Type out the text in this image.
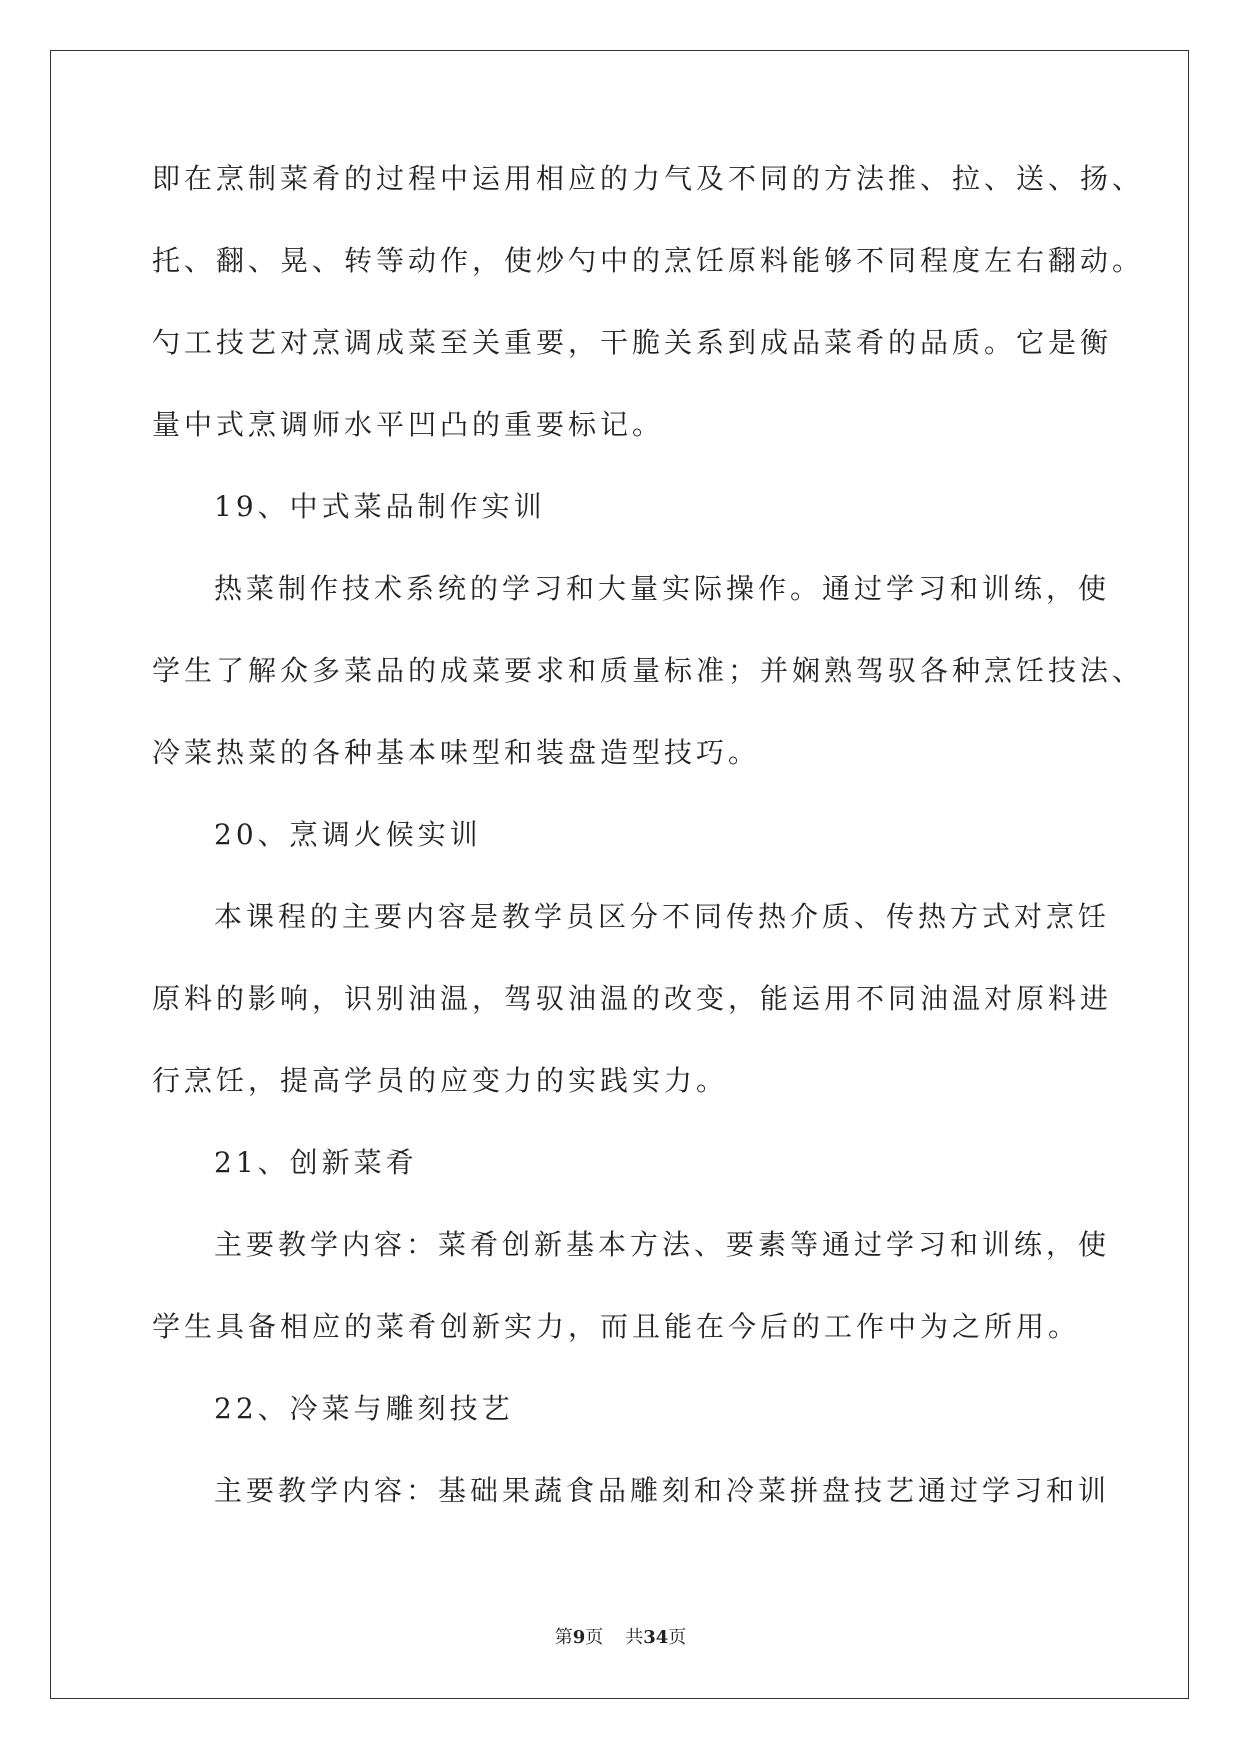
即在烹制菜肴的过程中运用相应的力气及不同的方法推、拉、送、扬、
托、翻、晃、转等动作，使炒勺中的烹饪原料能够不同程度左右翻动。
勺工技艺对烹调成菜至关重要，干脆关系到成品菜肴的品质。它是衡
量中式烹调师水平凹凸的重要标记。
19、中式菜品制作实训
热菜制作技术系统的学习和大量实际操作。通过学习和训练，使
学生了解众多菜品的成菜要求和质量标准；并娴熟驾驭各种烹饪技法、
冷菜热菜的各种基本味型和装盘造型技巧。
20、烹调火候实训
本课程的主要内容是教学员区分不同传热介质、传热方式对烹饪
原料的影响，识别油温，驾驭油温的改变，能运用不同油温对原料进
行烹饪，提高学员的应变力的实践实力。
21、创新菜肴
主要教学内容：菜肴创新基本方法、要素等通过学习和训练，使
学生具备相应的菜肴创新实力，而且能在今后的工作中为之所用。
22、冷菜与雕刻技艺
主要教学内容：基础果蔬食品雕刻和冷菜拼盘技艺通过学习和训
第9页 共34页
